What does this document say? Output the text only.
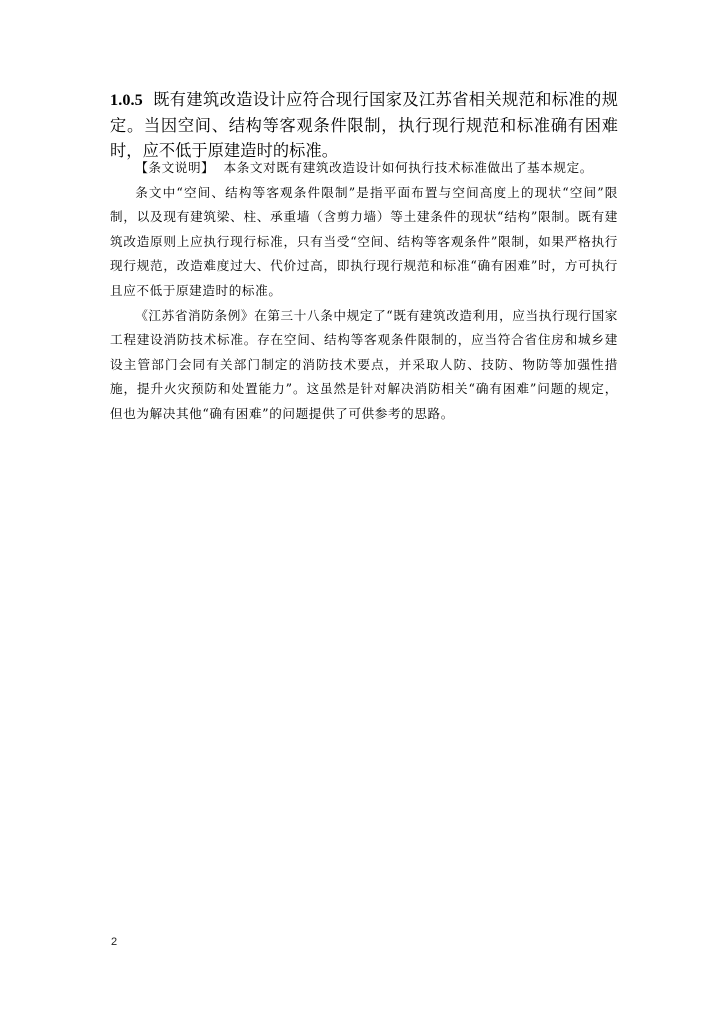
1.0.5 既有建筑改造设计应符合现行国家及江苏省相关规范和标准的规定。当因空间、结构等客观条件限制，执行现行规范和标准确有困难时，应不低于原建造时的标准。

【条文说明】 本条文对既有建筑改造设计如何执行技术标准做出了基本规定。

条文中“空间、结构等客观条件限制”是指平面布置与空间高度上的现状“空间”限制，以及现有建筑梁、柱、承重墙（含剪力墙）等土建条件的现状“结构”限制。既有建筑改造原则上应执行现行标准，只有当受“空间、结构等客观条件”限制，如果严格执行现行规范，改造难度过大、代价过高，即执行现行规范和标准“确有困难”时，方可执行且应不低于原建造时的标准。

《江苏省消防条例》在第三十八条中规定了“既有建筑改造利用，应当执行现行国家工程建设消防技术标准。存在空间、结构等客观条件限制的，应当符合省住房和城乡建设主管部门会同有关部门制定的消防技术要点，并采取人防、技防、物防等加强性措施，提升火灾预防和处置能力”。这虽然是针对解决消防相关“确有困难”问题的规定，但也为解决其他“确有困难”的问题提供了可供参考的思路。

2
